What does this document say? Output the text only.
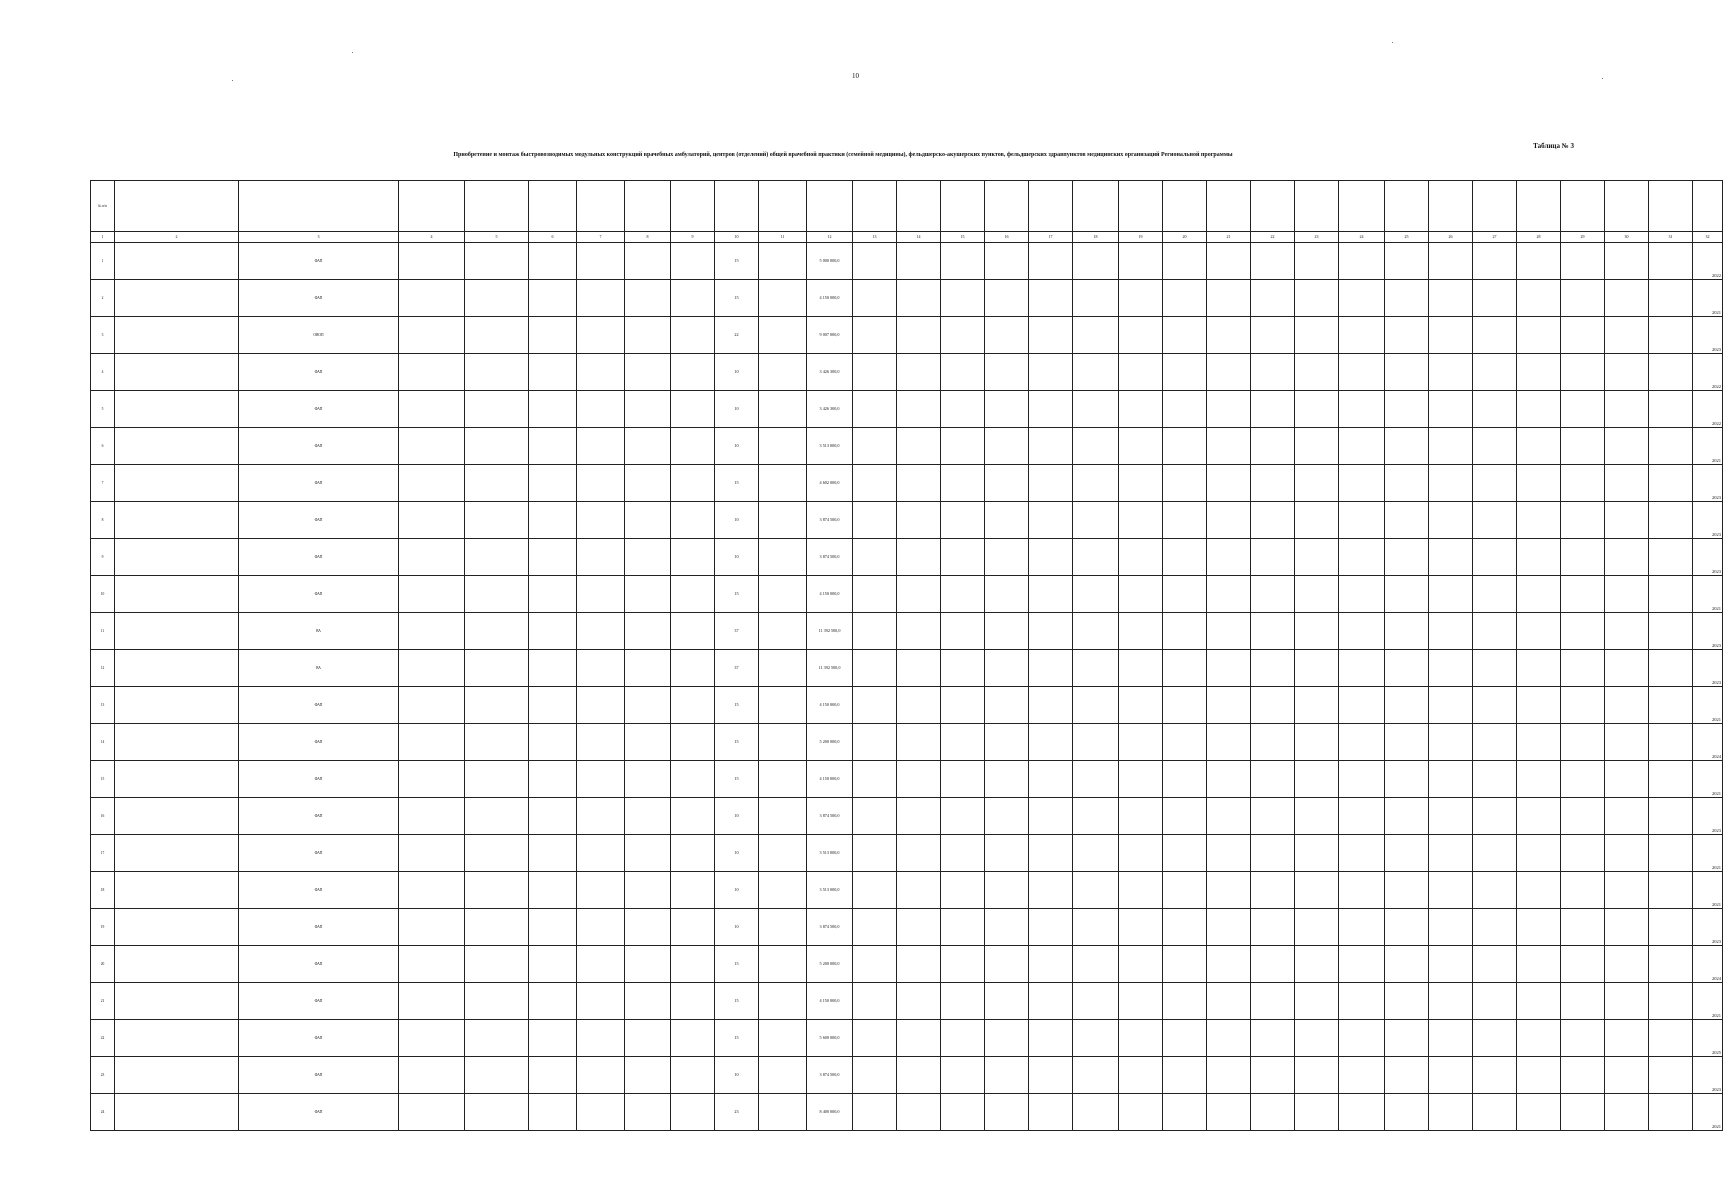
10
Таблица № 3
Приобретение и монтаж быстровозводимых модульных конструкций врачебных амбулаторий, центров (отделений) общей врачебной практики (семейной медицины), фельдшерско-акушерских пунктов, фельдшерских здравпунктов медицинских организаций Региональной программы
№ п/п																															
1	2	3	4	5	6	7	8	9	10	11	12	13	14	15	16	17	18	19	20	21	22	23	24	25	26	27	28	29	30	31	32
1		ФАП							15		5 000 000,0																				2022
2		ФАП							15		4 150 000,0																				2021
3		ОВОП							22		9 007 000,0																				2023
4		ФАП							10		3 426 300,0																				2022
5		ФАП							10		3 426 300,0																				2022
6		ФАП							10		3 513 000,0																				2021
7		ФАП							15		4 602 000,0																				2023
8		ФАП							10		3 874 500,0																				2023
9		ФАП							10		3 874 500,0																				2023
10		ФАП							15		4 150 000,0																				2021
11		ВА							37		11 392 500,0																				2023
12		ВА							37		11 392 500,0																				2023
13		ФАП							15		4 150 000,0																				2021
14		ФАП							15		5 200 000,0																				2024
15		ФАП							15		4 150 000,0																				2021
16		ФАП							10		3 874 500,0																				2023
17		ФАП							10		3 513 000,0																				2021
18		ФАП							10		3 513 000,0																				2021
19		ФАП							10		3 874 500,0																				2023
20		ФАП							15		5 200 000,0																				2024
21		ФАП							15		4 150 000,0																				2021
22		ФАП							15		5 600 000,0																				2025
23		ФАП							10		3 874 500,0																				2023
24		ФАП							23		8 400 000,0																				2021
